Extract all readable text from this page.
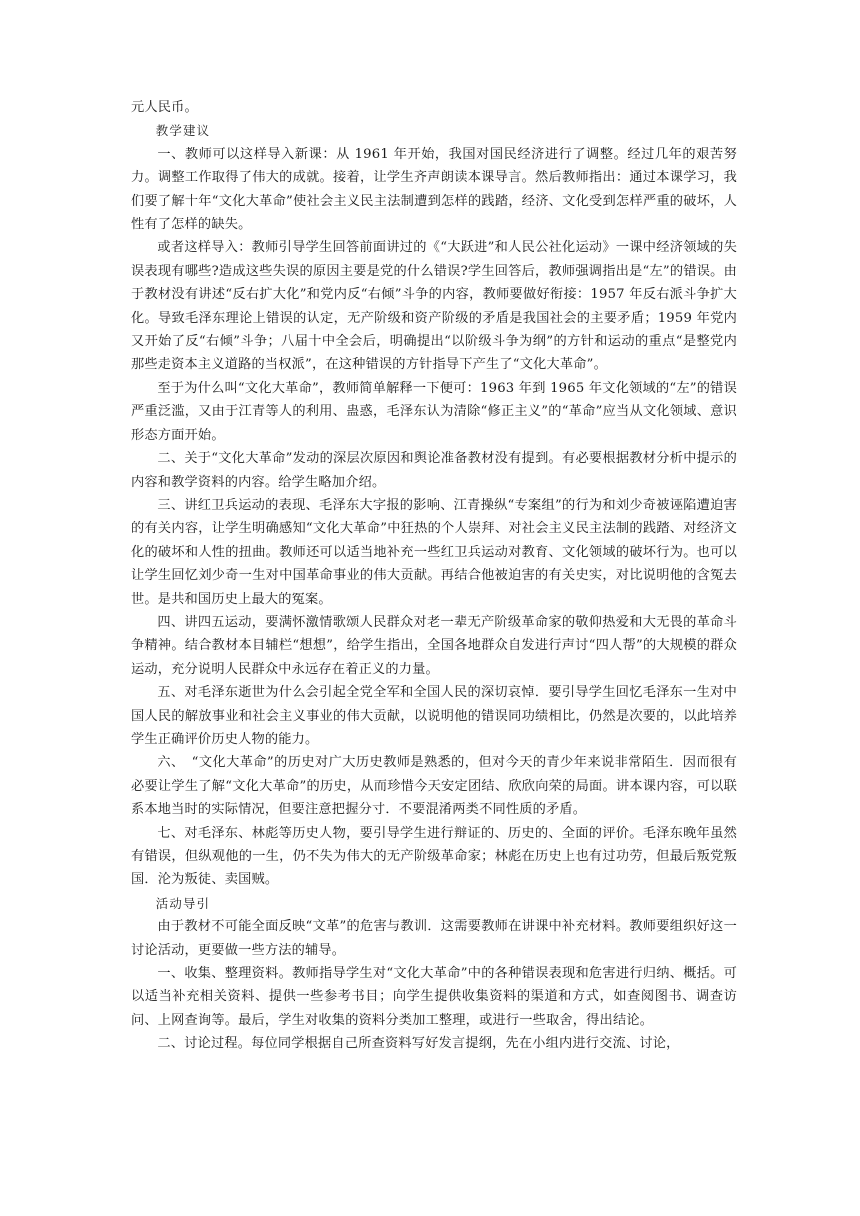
元人民币。

教学建议

一、教师可以这样导入新课：从 1961 年开始，我国对国民经济进行了调整。经过几年的艰苦努力。调整工作取得了伟大的成就。接着，让学生齐声朗读本课导言。然后教师指出：通过本课学习，我们要了解十年“文化大革命”使社会主义民主法制遭到怎样的践踏，经济、文化受到怎样严重的破坏，人性有了怎样的缺失。

或者这样导入：教师引导学生回答前面讲过的《“大跃进”和人民公社化运动》一课中经济领域的失误表现有哪些?造成这些失误的原因主要是党的什么错误?学生回答后，教师强调指出是“左”的错误。由于教材没有讲述“反右扩大化”和党内反“右倾”斗争的内容，教师要做好衔接：1957 年反右派斗争扩大化。导致毛泽东理论上错误的认定，无产阶级和资产阶级的矛盾是我国社会的主要矛盾；1959 年党内又开始了反“右倾”斗争；八届十中全会后，明确提出“以阶级斗争为纲”的方针和运动的重点“是整党内那些走资本主义道路的当权派”，在这种错误的方针指导下产生了“文化大革命”。

至于为什么叫“文化大革命”，教师简单解释一下便可：1963 年到 1965 年文化领域的“左”的错误严重泛滥，又由于江青等人的利用、蛊惑，毛泽东认为清除“修正主义”的“革命”应当从文化领域、意识形态方面开始。

二、关于“文化大革命”发动的深层次原因和舆论准备教材没有提到。有必要根据教材分析中提示的内容和教学资料的内容。给学生略加介绍。

三、讲红卫兵运动的表现、毛泽东大字报的影响、江青操纵“专案组”的行为和刘少奇被诬陷遭迫害的有关内容，让学生明确感知“文化大革命”中狂热的个人崇拜、对社会主义民主法制的践踏、对经济文化的破坏和人性的扭曲。教师还可以适当地补充一些红卫兵运动对教育、文化领域的破坏行为。也可以让学生回忆刘少奇一生对中国革命事业的伟大贡献。再结合他被迫害的有关史实，对比说明他的含冤去世。是共和国历史上最大的冤案。

四、讲四五运动，要满怀激情歌颂人民群众对老一辈无产阶级革命家的敬仰热爱和大无畏的革命斗争精神。结合教材本目辅栏“想想”，给学生指出，全国各地群众自发进行声讨“四人帮”的大规模的群众运动，充分说明人民群众中永远存在着正义的力量。

五、对毛泽东逝世为什么会引起全党全军和全国人民的深切哀悼．要引导学生回忆毛泽东一生对中国人民的解放事业和社会主义事业的伟大贡献，以说明他的错误同功绩相比，仍然是次要的，以此培养学生正确评价历史人物的能力。

六、　“文化大革命”的历史对广大历史教师是熟悉的，但对今天的青少年来说非常陌生．因而很有必要让学生了解“文化大革命”的历史，从而珍惜今天安定团结、欣欣向荣的局面。讲本课内容，可以联系本地当时的实际情况，但要注意把握分寸．不要混淆两类不同性质的矛盾。

七、对毛泽东、林彪等历史人物，要引导学生进行辩证的、历史的、全面的评价。毛泽东晚年虽然有错误，但纵观他的一生，仍不失为伟大的无产阶级革命家；林彪在历史上也有过功劳，但最后叛党叛国．沦为叛徒、卖国贼。

活动导引

由于教材不可能全面反映“文革”的危害与教训．这需要教师在讲课中补充材料。教师要组织好这一讨论活动，更要做一些方法的辅导。

一、收集、整理资料。教师指导学生对“文化大革命”中的各种错误表现和危害进行归纳、概括。可以适当补充相关资料、提供一些参考书目；向学生提供收集资料的渠道和方式，如查阅图书、调查访问、上网查询等。最后，学生对收集的资料分类加工整理，或进行一些取舍，得出结论。

二、讨论过程。每位同学根据自己所查资料写好发言提纲，先在小组内进行交流、讨论，
